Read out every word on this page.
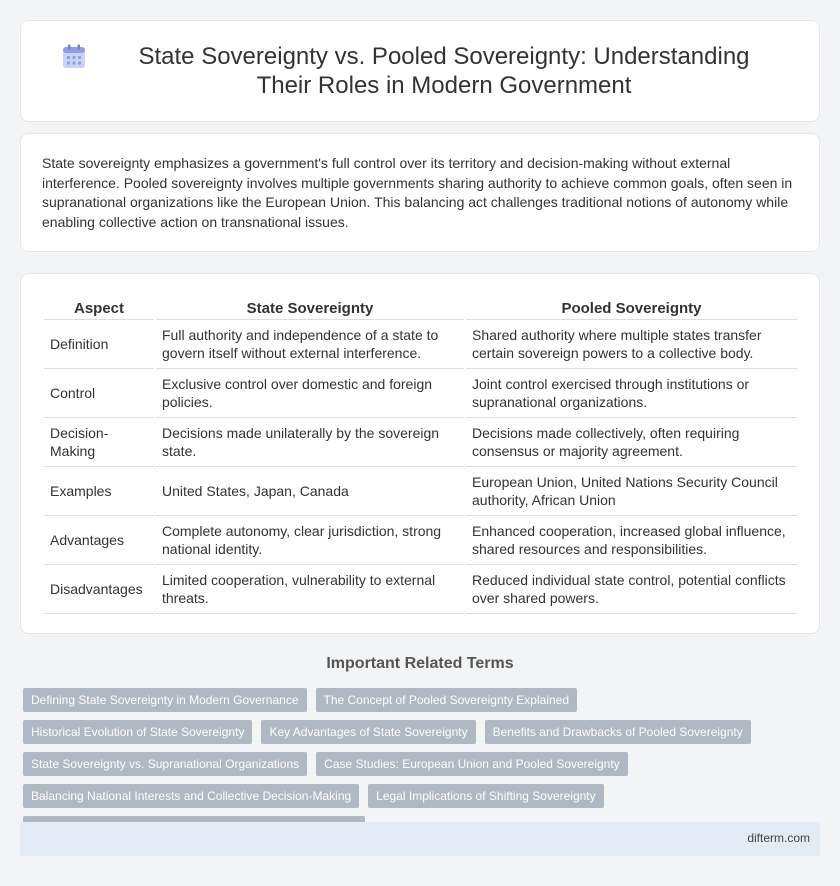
State Sovereignty vs. Pooled Sovereignty: Understanding Their Roles in Modern Government

State sovereignty emphasizes a government's full control over its territory and decision-making without external interference. Pooled sovereignty involves multiple governments sharing authority to achieve common goals, often seen in supranational organizations like the European Union. This balancing act challenges traditional notions of autonomy while enabling collective action on transnational issues.

Aspect	State Sovereignty	Pooled Sovereignty
Definition	Full authority and independence of a state to govern itself without external interference.	Shared authority where multiple states transfer certain sovereign powers to a collective body.
Control	Exclusive control over domestic and foreign policies.	Joint control exercised through institutions or supranational organizations.
Decision-Making	Decisions made unilaterally by the sovereign state.	Decisions made collectively, often requiring consensus or majority agreement.
Examples	United States, Japan, Canada	European Union, United Nations Security Council authority, African Union
Advantages	Complete autonomy, clear jurisdiction, strong national identity.	Enhanced cooperation, increased global influence, shared resources and responsibilities.
Disadvantages	Limited cooperation, vulnerability to external threats.	Reduced individual state control, potential conflicts over shared powers.
Important Related Terms
Defining State Sovereignty in Modern Governance	The Concept of Pooled Sovereignty Explained
Historical Evolution of State Sovereignty	Key Advantages of State Sovereignty	Benefits and Drawbacks of Pooled Sovereignty
State Sovereignty vs. Supranational Organizations	Case Studies: European Union and Pooled Sovereignty
Balancing National Interests and Collective Decision-Making	Legal Implications of Shifting Sovereignty
difterm.com
